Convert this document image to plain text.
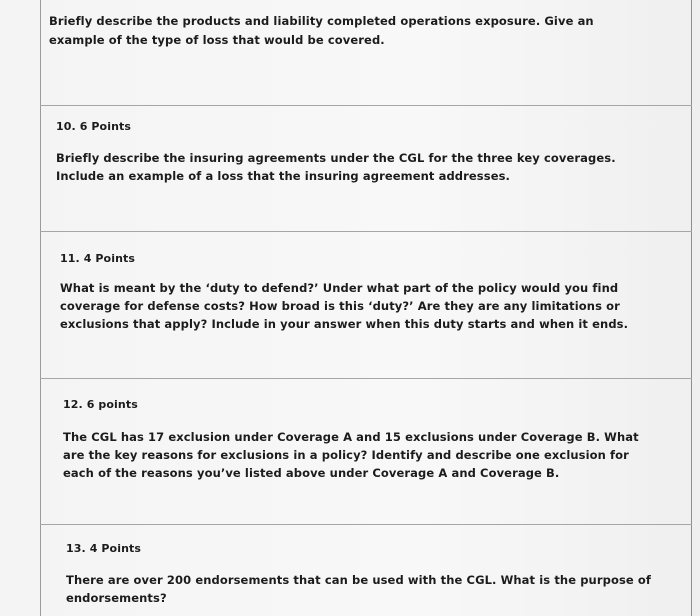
Briefly describe the products and liability completed operations exposure. Give an
example of the type of loss that would be covered.
10. 6 Points
Briefly describe the insuring agreements under the CGL for the three key coverages.
Include an example of a loss that the insuring agreement addresses.
11. 4 Points
What is meant by the ‘duty to defend?’ Under what part of the policy would you find
coverage for defense costs? How broad is this ‘duty?’ Are they are any limitations or
exclusions that apply? Include in your answer when this duty starts and when it ends.
12. 6 points
The CGL has 17 exclusion under Coverage A and 15 exclusions under Coverage B. What
are the key reasons for exclusions in a policy? Identify and describe one exclusion for
each of the reasons you’ve listed above under Coverage A and Coverage B.
13. 4 Points
There are over 200 endorsements that can be used with the CGL. What is the purpose of
endorsements?
